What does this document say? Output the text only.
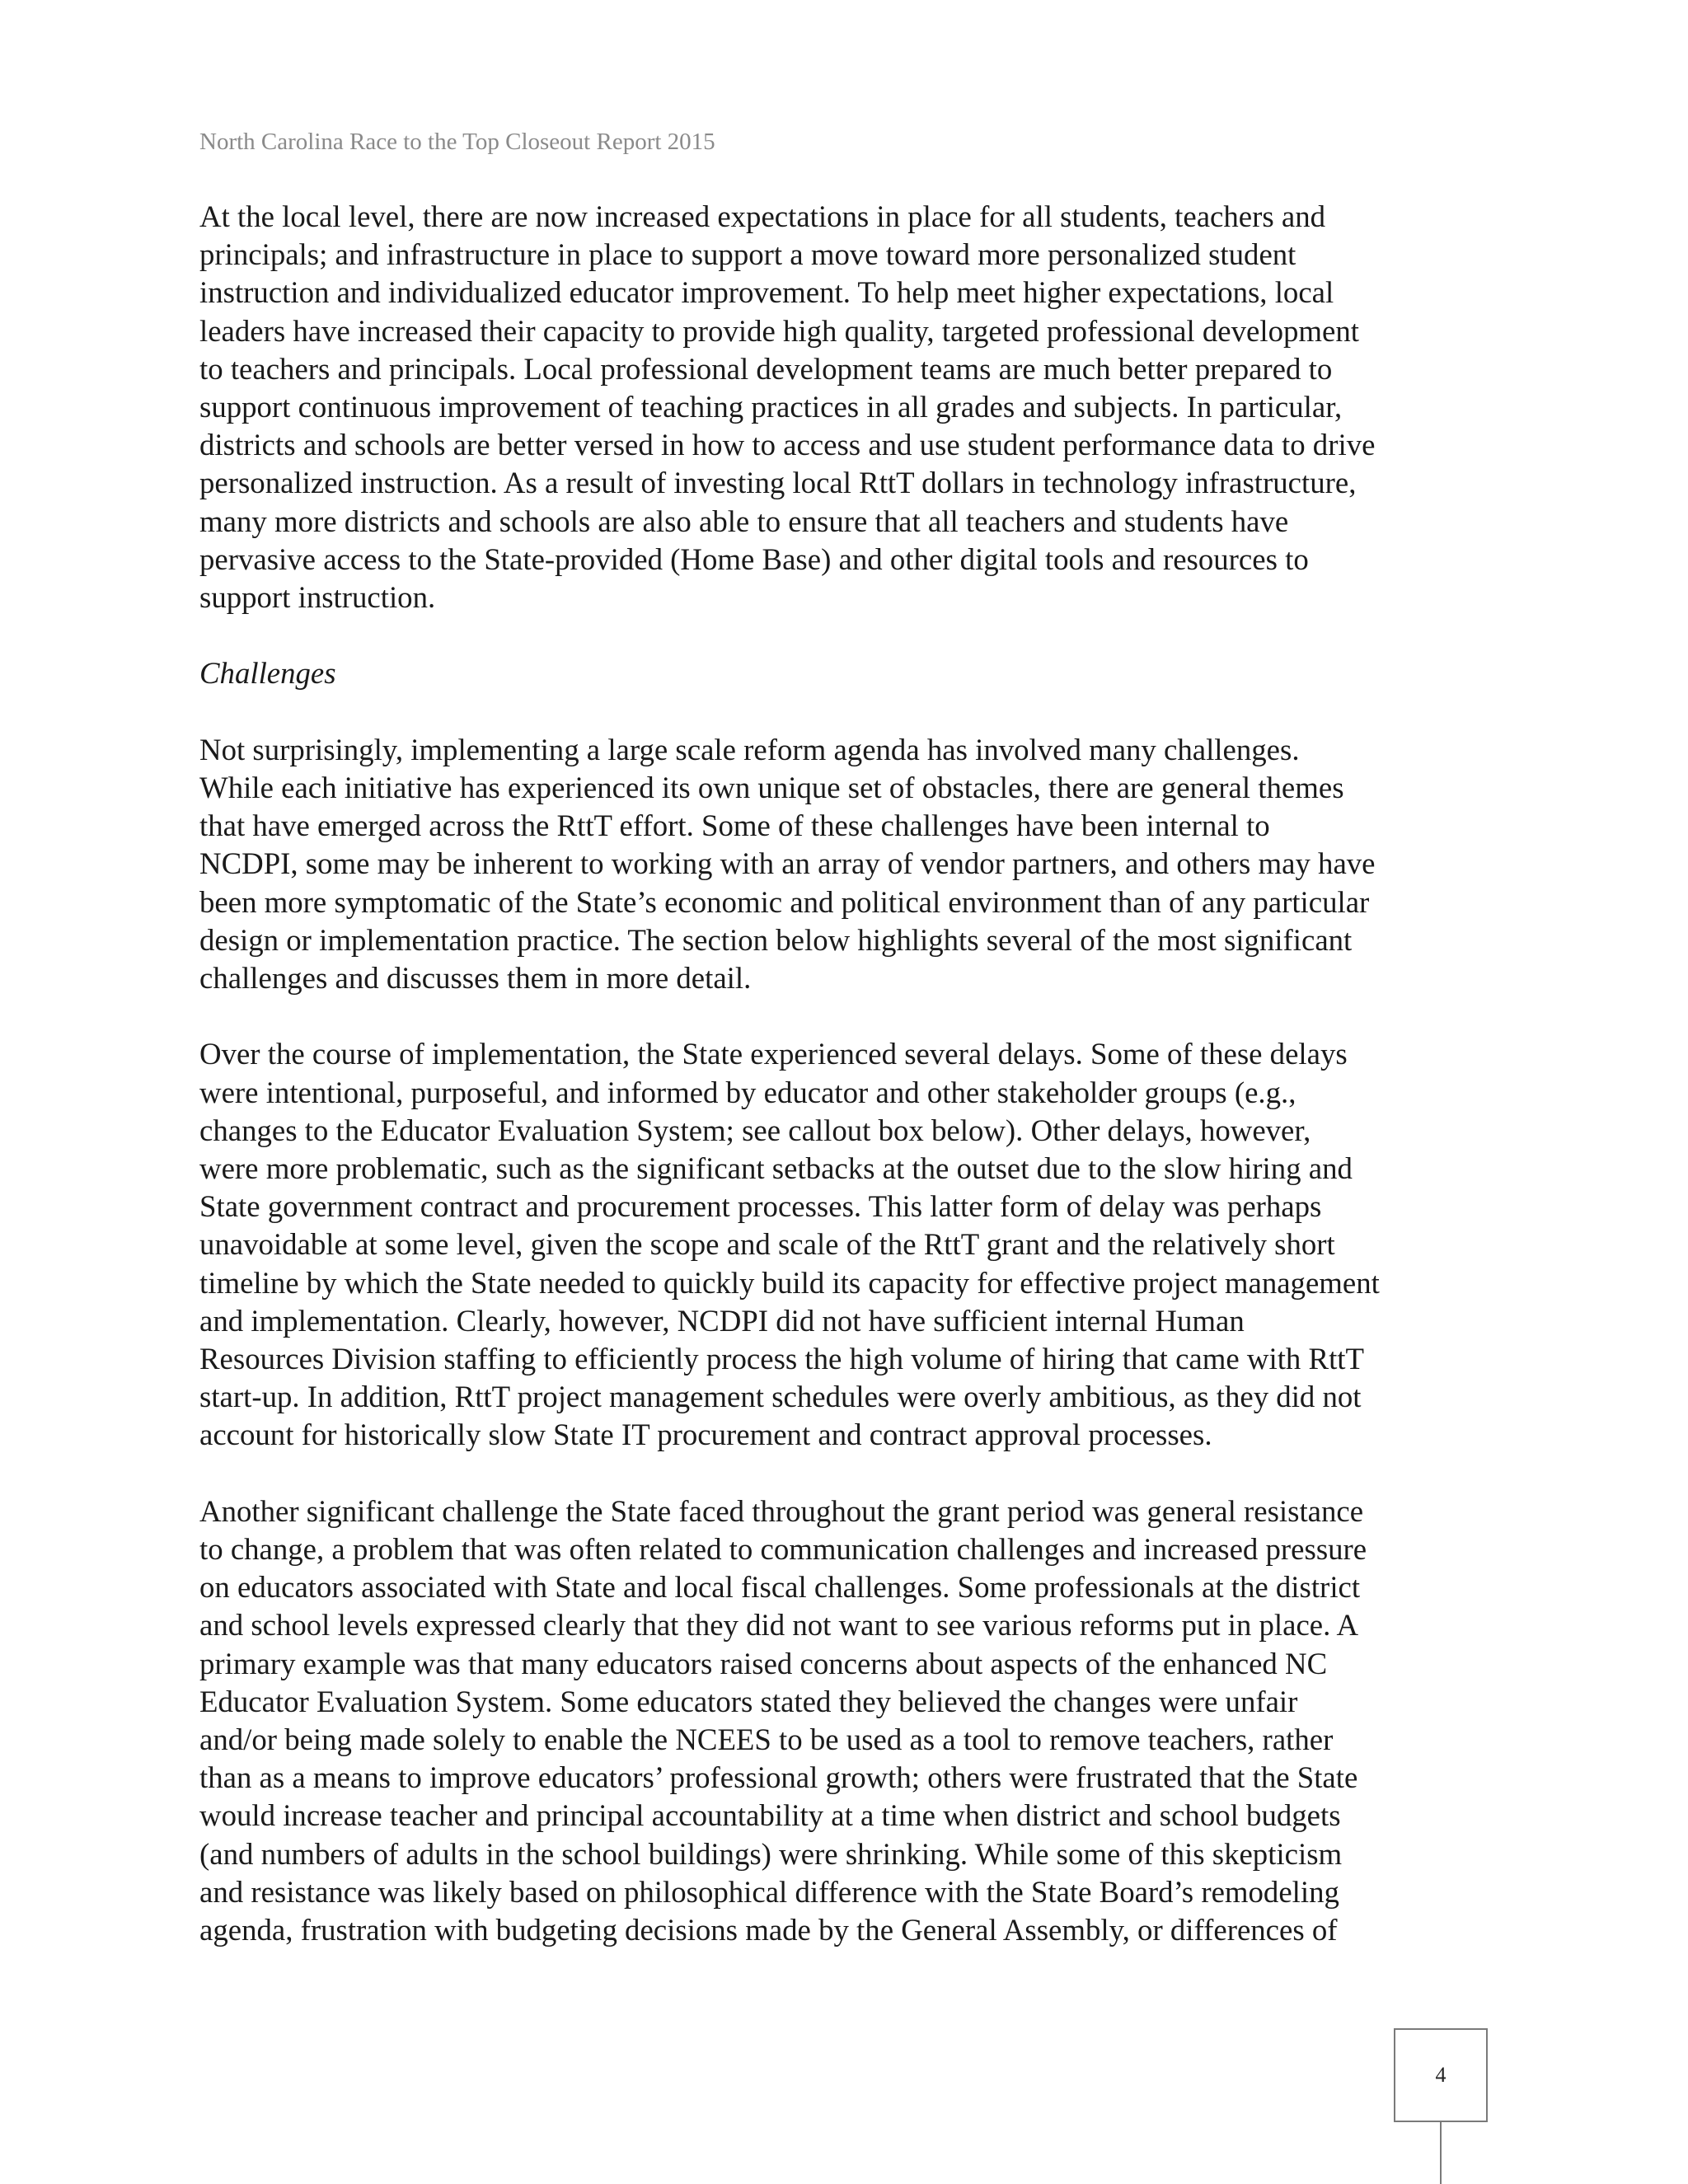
North Carolina Race to the Top Closeout Report 2015

At the local level, there are now increased expectations in place for all students, teachers and
principals; and infrastructure in place to support a move toward more personalized student
instruction and individualized educator improvement. To help meet higher expectations, local
leaders have increased their capacity to provide high quality, targeted professional development
to teachers and principals. Local professional development teams are much better prepared to
support continuous improvement of teaching practices in all grades and subjects. In particular,
districts and schools are better versed in how to access and use student performance data to drive
personalized instruction. As a result of investing local RttT dollars in technology infrastructure,
many more districts and schools are also able to ensure that all teachers and students have
pervasive access to the State-provided (Home Base) and other digital tools and resources to
support instruction.

Challenges

Not surprisingly, implementing a large scale reform agenda has involved many challenges.
While each initiative has experienced its own unique set of obstacles, there are general themes
that have emerged across the RttT effort. Some of these challenges have been internal to
NCDPI, some may be inherent to working with an array of vendor partners, and others may have
been more symptomatic of the State’s economic and political environment than of any particular
design or implementation practice. The section below highlights several of the most significant
challenges and discusses them in more detail.

Over the course of implementation, the State experienced several delays. Some of these delays
were intentional, purposeful, and informed by educator and other stakeholder groups (e.g.,
changes to the Educator Evaluation System; see callout box below). Other delays, however,
were more problematic, such as the significant setbacks at the outset due to the slow hiring and
State government contract and procurement processes. This latter form of delay was perhaps
unavoidable at some level, given the scope and scale of the RttT grant and the relatively short
timeline by which the State needed to quickly build its capacity for effective project management
and implementation. Clearly, however, NCDPI did not have sufficient internal Human
Resources Division staffing to efficiently process the high volume of hiring that came with RttT
start-up. In addition, RttT project management schedules were overly ambitious, as they did not
account for historically slow State IT procurement and contract approval processes.

Another significant challenge the State faced throughout the grant period was general resistance
to change, a problem that was often related to communication challenges and increased pressure
on educators associated with State and local fiscal challenges. Some professionals at the district
and school levels expressed clearly that they did not want to see various reforms put in place. A
primary example was that many educators raised concerns about aspects of the enhanced NC
Educator Evaluation System. Some educators stated they believed the changes were unfair
and/or being made solely to enable the NCEES to be used as a tool to remove teachers, rather
than as a means to improve educators’ professional growth; others were frustrated that the State
would increase teacher and principal accountability at a time when district and school budgets
(and numbers of adults in the school buildings) were shrinking. While some of this skepticism
and resistance was likely based on philosophical difference with the State Board’s remodeling
agenda, frustration with budgeting decisions made by the General Assembly, or differences of

4
